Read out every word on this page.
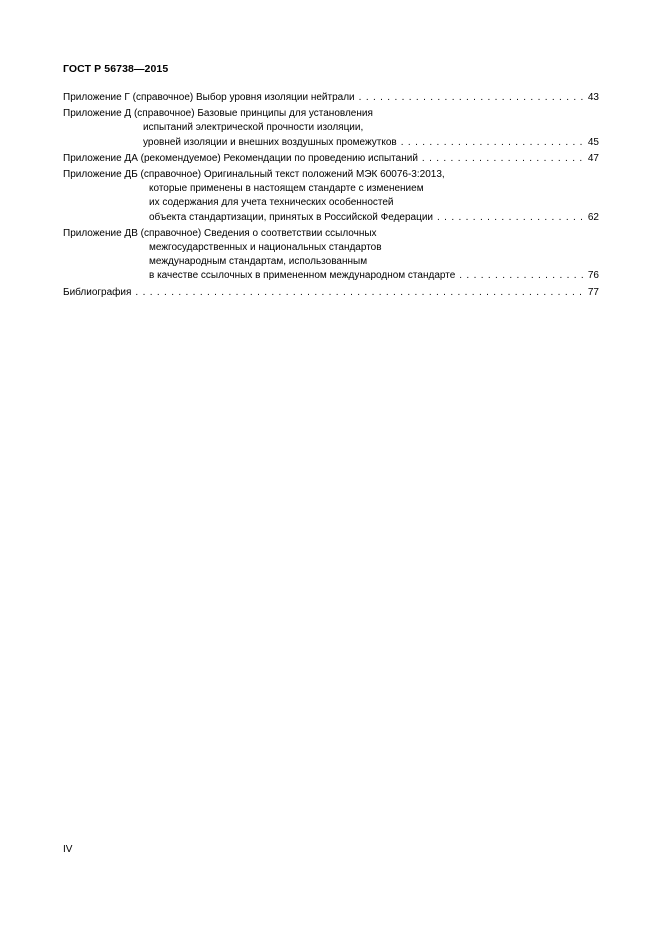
ГОСТ Р 56738—2015
Приложение Г (справочное) Выбор уровня изоляции нейтрали . . .	43
Приложение Д (справочное) Базовые принципы для установления
испытаний электрической прочности изоляции,
уровней изоляции и внешних воздушных промежутков . . .	45
Приложение ДА (рекомендуемое) Рекомендации по проведению испытаний . . .	47
Приложение ДБ (справочное) Оригинальный текст положений МЭК 60076-3:2013,
которые применены в настоящем стандарте с изменением
их содержания для учета технических особенностей
объекта стандартизации, принятых в Российской Федерации . . .	62
Приложение ДВ (справочное) Сведения о соответствии ссылочных
межгосударственных и национальных стандартов
международным стандартам, использованным
в качестве ссылочных в примененном международном стандарте . . .	76
Библиография . . .	77
IV
